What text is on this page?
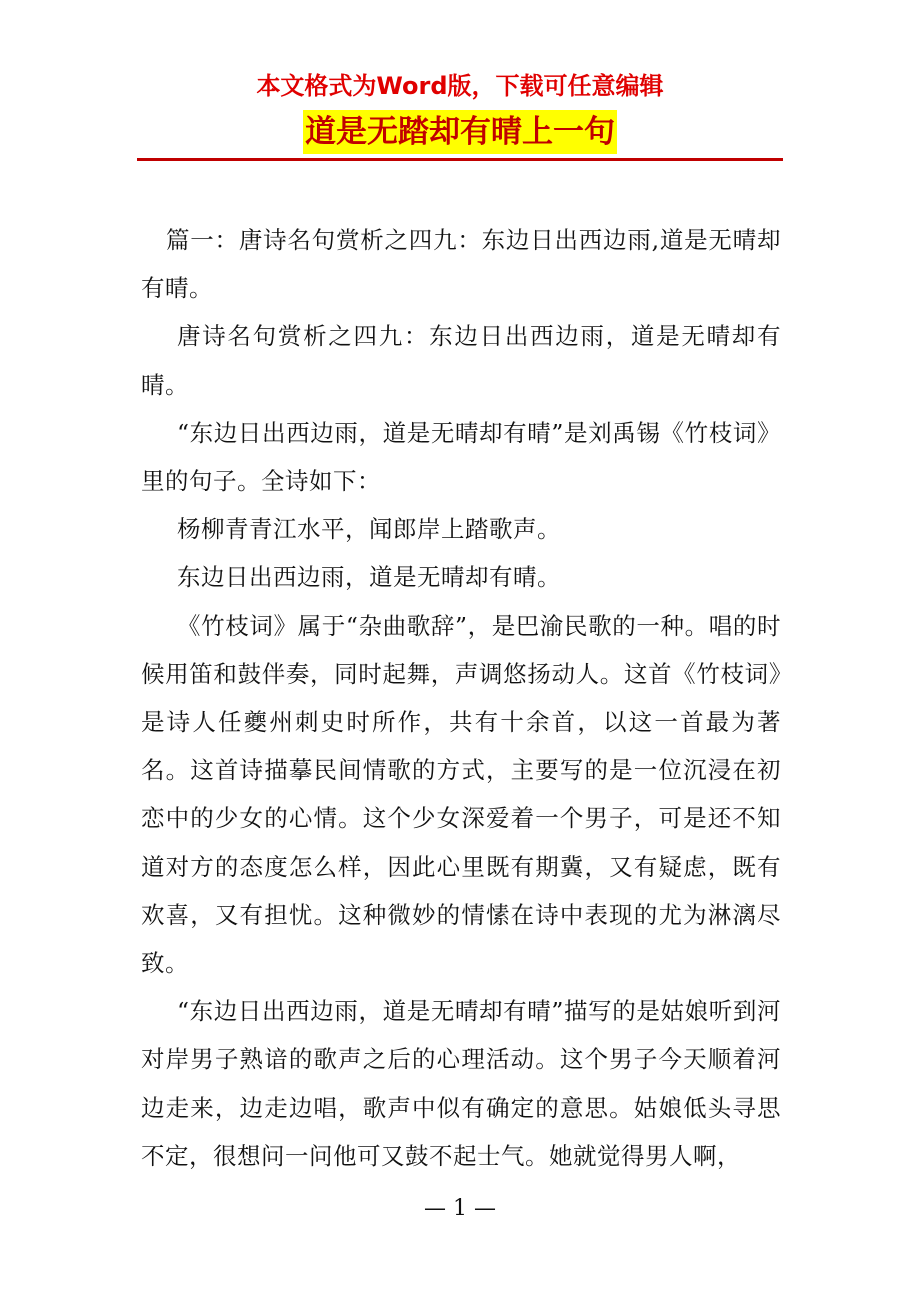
本文格式为Word版，下载可任意编辑
道是无踏却有晴上一句

篇一：唐诗名句赏析之四九：东边日出西边雨,道是无晴却有晴。

唐诗名句赏析之四九：东边日出西边雨，道是无晴却有晴。

“东边日出西边雨，道是无晴却有晴”是刘禹锡《竹枝词》里的句子。全诗如下：

杨柳青青江水平，闻郎岸上踏歌声。

东边日出西边雨，道是无晴却有晴。

《竹枝词》属于“杂曲歌辞”，是巴渝民歌的一种。唱的时候用笛和鼓伴奏，同时起舞，声调悠扬动人。这首《竹枝词》是诗人任夔州刺史时所作，共有十余首，以这一首最为著名。这首诗描摹民间情歌的方式，主要写的是一位沉浸在初恋中的少女的心情。这个少女深爱着一个男子，可是还不知道对方的态度怎么样，因此心里既有期冀，又有疑虑，既有欢喜，又有担忧。这种微妙的情愫在诗中表现的尤为淋漓尽致。

“东边日出西边雨，道是无晴却有晴”描写的是姑娘听到河对岸男子熟谙的歌声之后的心理活动。这个男子今天顺着河边走来，边走边唱，歌声中似有确定的意思。姑娘低头寻思不定，很想问一问他可又鼓不起士气。她就觉得男人啊，

— 1 —
